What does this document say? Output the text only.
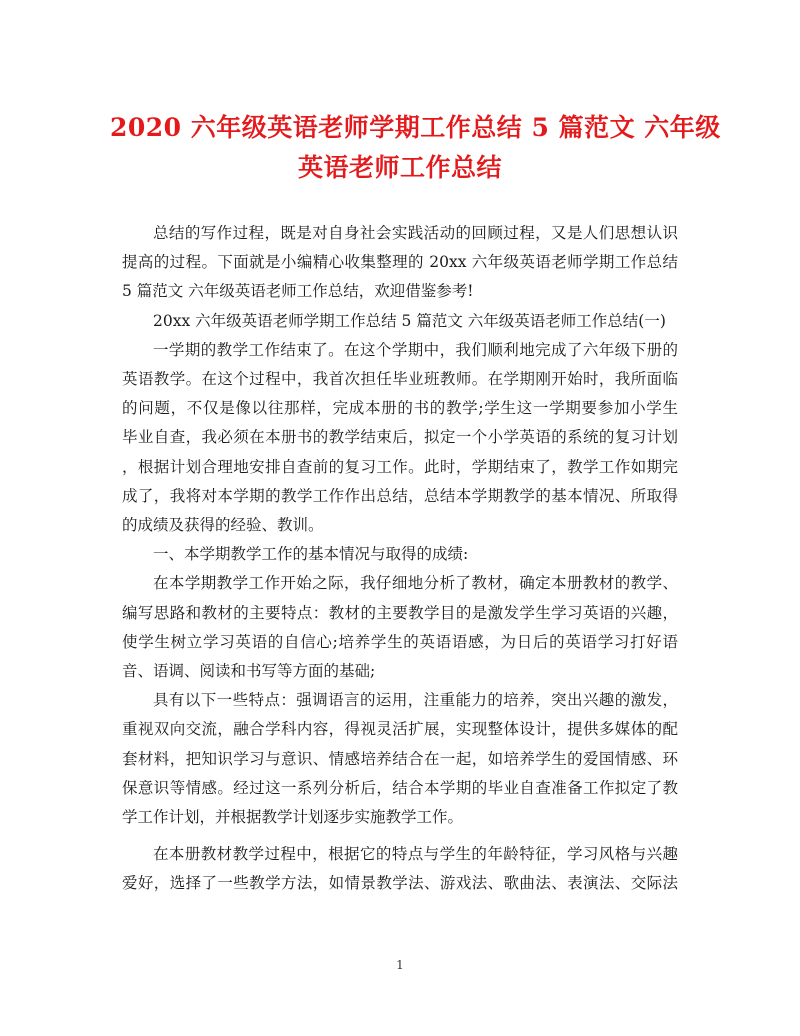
2020 六年级英语老师学期工作总结 5 篇范文 六年级
英语老师工作总结
总结的写作过程，既是对自身社会实践活动的回顾过程，又是人们思想认识
提高的过程。下面就是小编精心收集整理的 20xx 六年级英语老师学期工作总结
5 篇范文 六年级英语老师工作总结，欢迎借鉴参考!
20xx 六年级英语老师学期工作总结 5 篇范文 六年级英语老师工作总结(一)
一学期的教学工作结束了。在这个学期中，我们顺利地完成了六年级下册的
英语教学。在这个过程中，我首次担任毕业班教师。在学期刚开始时，我所面临
的问题，不仅是像以往那样，完成本册的书的教学;学生这一学期要参加小学生
毕业自查，我必须在本册书的教学结束后，拟定一个小学英语的系统的复习计划
，根据计划合理地安排自查前的复习工作。此时，学期结束了，教学工作如期完
成了，我将对本学期的教学工作作出总结，总结本学期教学的基本情况、所取得
的成绩及获得的经验、教训。
一、本学期教学工作的基本情况与取得的成绩:
在本学期教学工作开始之际，我仔细地分析了教材，确定本册教材的教学、
编写思路和教材的主要特点：教材的主要教学目的是激发学生学习英语的兴趣，
使学生树立学习英语的自信心;培养学生的英语语感，为日后的英语学习打好语
音、语调、阅读和书写等方面的基础;
具有以下一些特点：强调语言的运用，注重能力的培养，突出兴趣的激发，
重视双向交流，融合学科内容，得视灵活扩展，实现整体设计，提供多媒体的配
套材料，把知识学习与意识、情感培养结合在一起，如培养学生的爱国情感、环
保意识等情感。经过这一系列分析后，结合本学期的毕业自查准备工作拟定了教
学工作计划，并根据教学计划逐步实施教学工作。
在本册教材教学过程中，根据它的特点与学生的年龄特征，学习风格与兴趣
爱好，选择了一些教学方法，如情景教学法、游戏法、歌曲法、表演法、交际法
1
